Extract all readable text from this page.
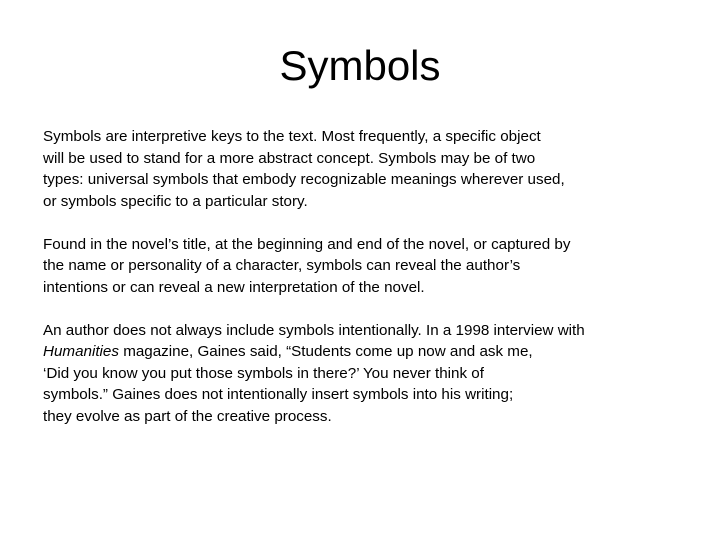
Symbols

Symbols are interpretive keys to the text. Most frequently, a specific object
will be used to stand for a more abstract concept. Symbols may be of two
types: universal symbols that embody recognizable meanings wherever used,
or symbols specific to a particular story.

Found in the novel’s title, at the beginning and end of the novel, or captured by
the name or personality of a character, symbols can reveal the author’s
intentions or can reveal a new interpretation of the novel.

An author does not always include symbols intentionally. In a 1998 interview with
Humanities magazine, Gaines said, “Students come up now and ask me,
‘Did you know you put those symbols in there?’ You never think of
symbols.” Gaines does not intentionally insert symbols into his writing;
they evolve as part of the creative process.
